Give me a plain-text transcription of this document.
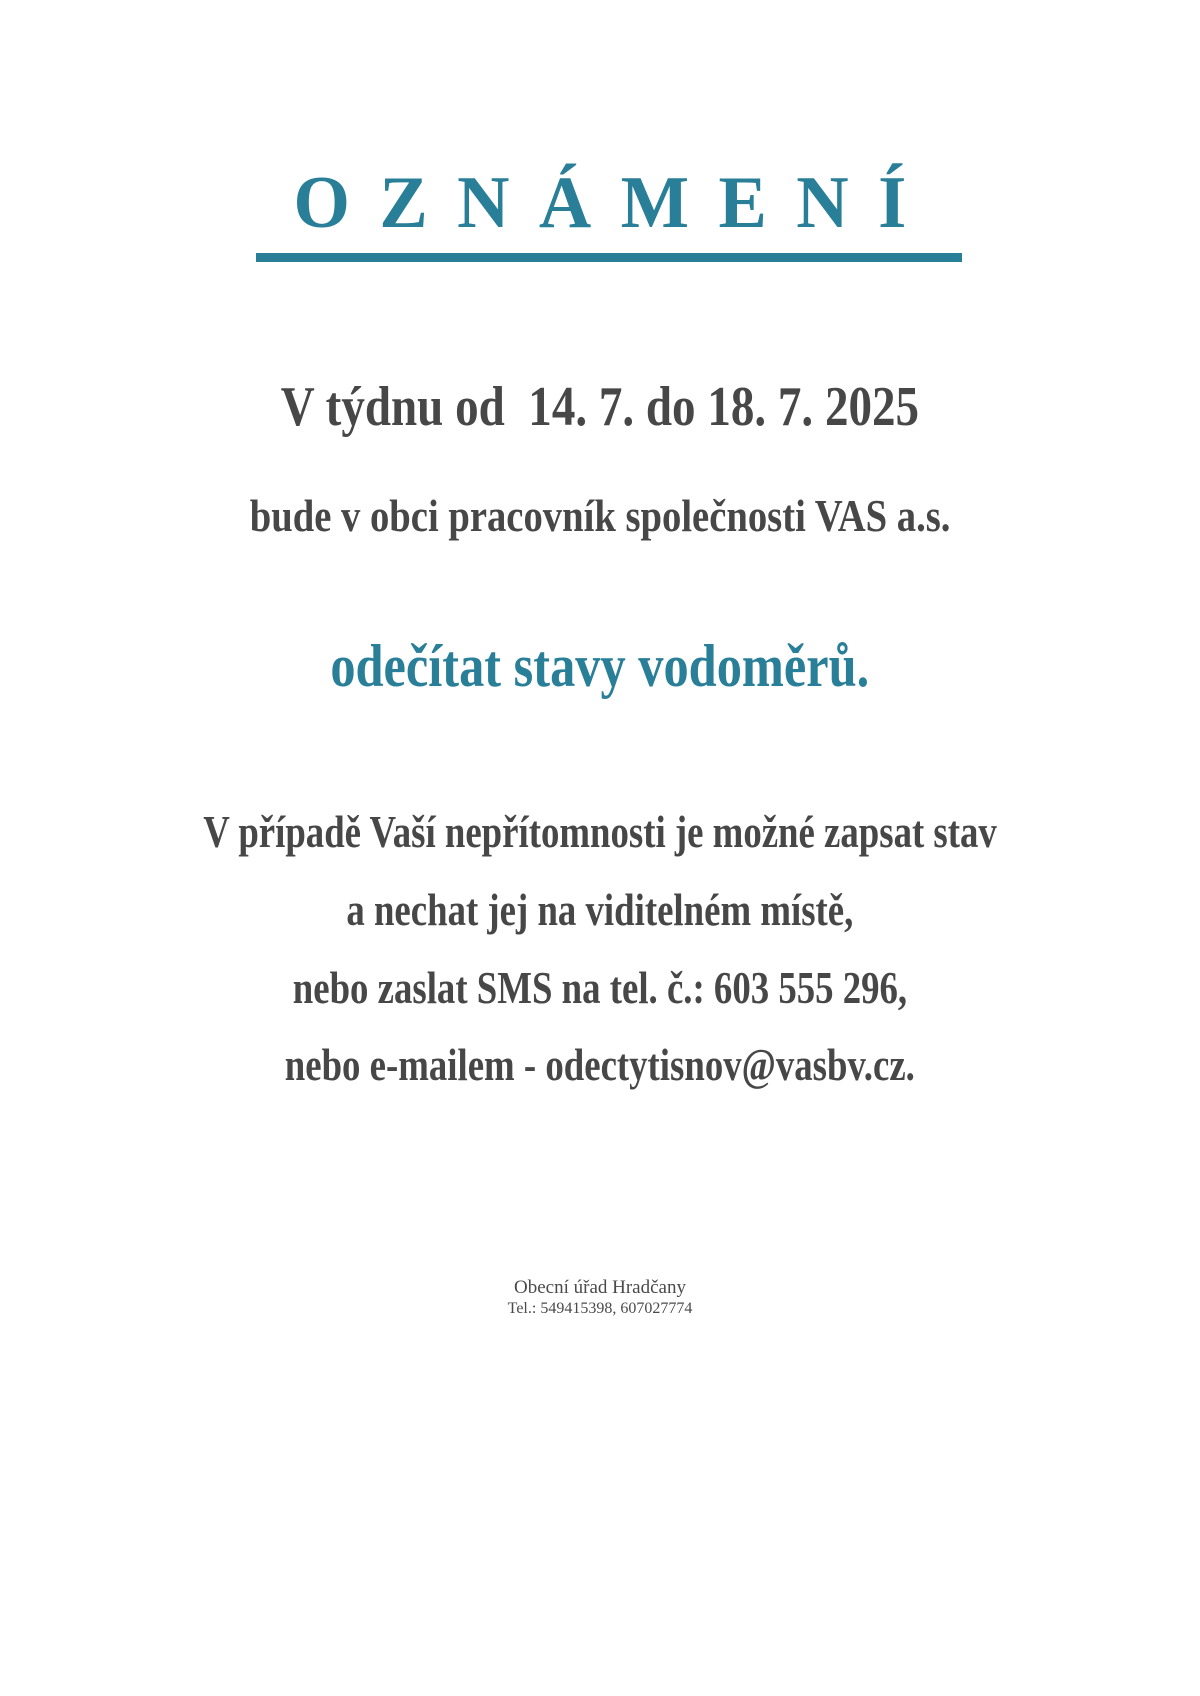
OZNÁMENÍ
V týdnu od  14. 7. do 18. 7. 2025
bude v obci pracovník společnosti VAS a.s.
odečítat stavy vodoměrů.
V případě Vaší nepřítomnosti je možné zapsat stav
a nechat jej na viditelném místě,
nebo zaslat SMS na tel. č.: 603 555 296,
nebo e-mailem - odectytisnov@vasbv.cz.
Obecní úřad Hradčany
Tel.: 549415398, 607027774
